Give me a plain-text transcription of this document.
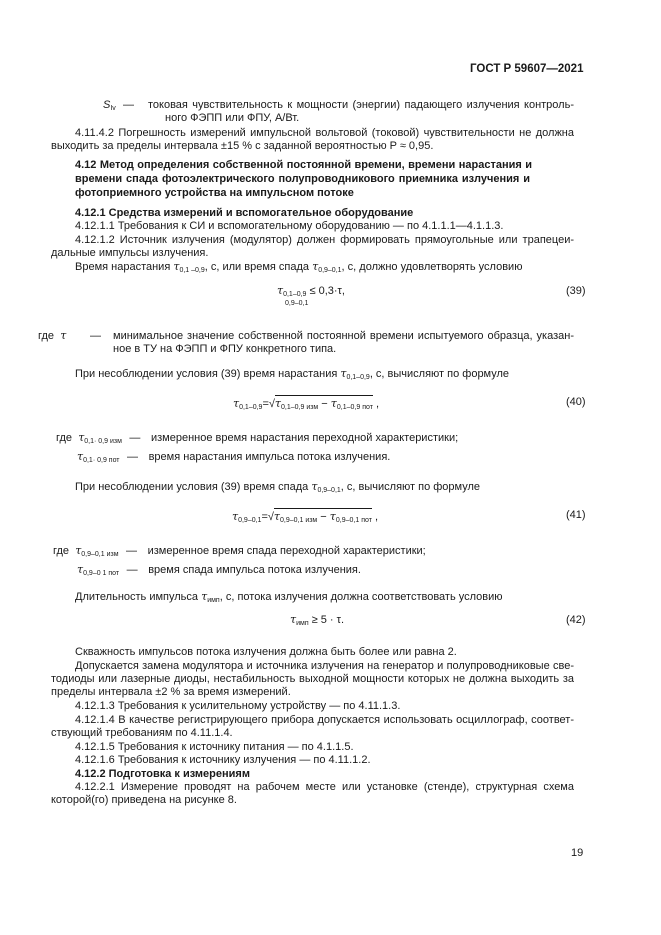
ГОСТ Р 59607—2021
$S_{Iv}$ — токовая чувствительность к мощности (энергии) падающего излучения контроль-
ного ФЭПП или ФПУ, А/Вт.
4.11.4.2 Погрешность измерений импульсной вольтовой (токовой) чувствительности не должна
выходить за пределы интервала ±15 % с заданной вероятностью P ≈ 0,95.
4.12 Метод определения собственной постоянной времени, времени нарастания и
времени спада фотоэлектрического полупроводникового приемника излучения и
фотоприемного устройства на импульсном потоке
4.12.1 Средства измерений и вспомогательное оборудование
4.12.1.1 Требования к СИ и вспомогательному оборудованию — по 4.1.1.1—4.1.1.3.
4.12.1.2 Источник излучения (модулятор) должен формировать прямоугольные или трапецеи-
дальные импульсы излучения.
Время нарастания $\tau_{0,1 -0,9}$, с, или время спада $\tau_{0,9-0,1}$, с, должно удовлетворять условию
$\tau_{0,1-0,9} \le 0,3\cdot\tau$,
0,9–0,1
(39)
где τ — минимальное значение собственной постоянной времени испытуемого образца, указан-
ное в ТУ на ФЭПП и ФПУ конкретного типа.
При несоблюдении условия (39) время нарастания $\tau_{0,1-0,9}$, с, вычисляют по формуле
$\tau_{0,1-0,9}=√\tau_{0,1-0,9 изм} - \tau_{0,1-0,9 пот}$ ,	(40)
где $\tau_{0,1\cdot 0,9 изм}$ — измеренное время нарастания переходной характеристики;
$\tau_{0,1\cdot 0,9 пот}$ — время нарастания импульса потока излучения.
При несоблюдении условия (39) время спада $\tau_{0,9-0,1}$, с, вычисляют по формуле
$\tau_{0,9-0,1}=√\tau_{0,9-0,1 изм} - \tau_{0,9-0,1 пот}$ ,	(41)
где $\tau_{0,9-0,1 изм}$ — измеренное время спада переходной характеристики;
$\tau_{0,9-0 1 пот}$ — время спада импульса потока излучения.
Длительность импульса $\tau_{имп}$, с, потока излучения должна соответствовать условию
$\tau_{имп} \ge 5 \cdot \tau$.	(42)
Скважность импульсов потока излучения должна быть более или равна 2.
Допускается замена модулятора и источника излучения на генератор и полупроводниковые све-
тодиоды или лазерные диоды, нестабильность выходной мощности которых не должна выходить за
пределы интервала ±2 % за время измерений.
4.12.1.3 Требования к усилительному устройству — по 4.11.1.3.
4.12.1.4 В качестве регистрирующего прибора допускается использовать осциллограф, соответ-
ствующий требованиям по 4.11.1.4.
4.12.1.5 Требования к источнику питания — по 4.1.1.5.
4.12.1.6 Требования к источнику излучения — по 4.11.1.2.
4.12.2 Подготовка к измерениям
4.12.2.1 Измерение проводят на рабочем месте или установке (стенде), структурная схема
которой(го) приведена на рисунке 8.
19
